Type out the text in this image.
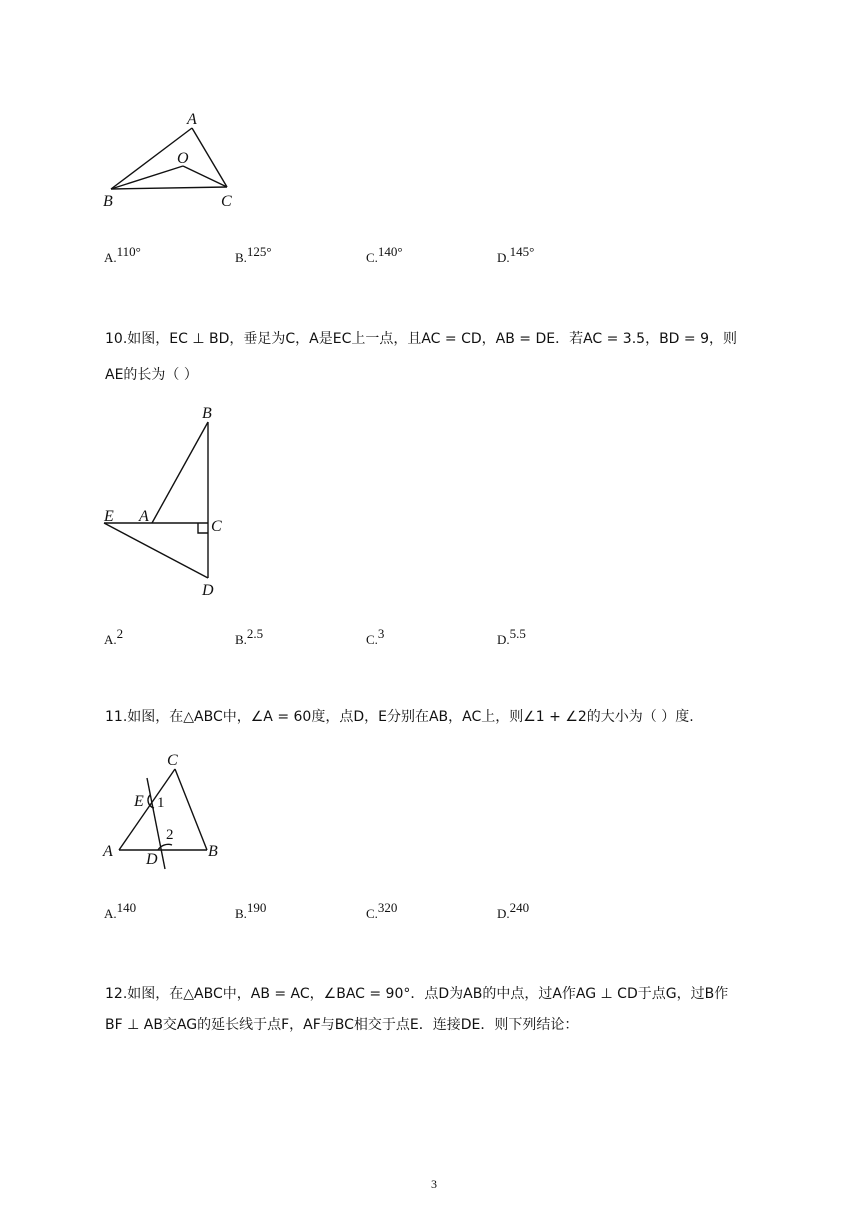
A
O
B	C
A.110°	B.125°	C.140°	D.145°
10.如图，EC ⊥ BD，垂足为C，A是EC上一点，且AC = CD，AB = DE．若AC = 3.5，BD = 9，则
AE的长为（ ）
B
E A
C
D
A.2	B.2.5	C.3	D.5.5
11.如图，在△ABC中，∠A = 60度，点D，E分别在AB，AC上，则∠1 + ∠2的大小为（ ）度.
C
E 1
2
A D	B
A.140	B.190	C.320	D.240
12.如图，在△ABC中，AB = AC，∠BAC = 90°．点D为AB的中点，过A作AG ⊥ CD于点G，过B作
BF ⊥ AB交AG的延长线于点F，AF与BC相交于点E．连接DE．则下列结论：
3
